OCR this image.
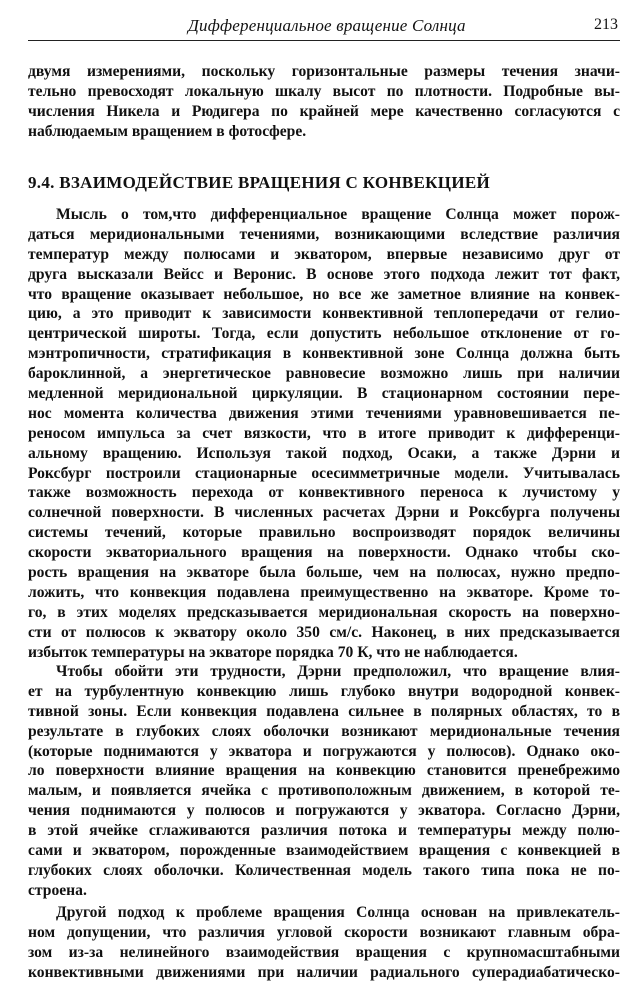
Дифференциальное вращение Солнца	213
двумя измерениями, поскольку горизонтальные размеры течения значи-
тельно превосходят локальную шкалу высот по плотности. Подробные вы-
числения Никела и Рюдигера по крайней мере качественно согласуются с
наблюдаемым вращением в фотосфере.
9.4. ВЗАИМОДЕЙСТВИЕ ВРАЩЕНИЯ С КОНВЕКЦИЕЙ
Мысль о том,что дифференциальное вращение Солнца может порож-
даться меридиональными течениями, возникающими вследствие различия
температур между полюсами и экватором, впервые независимо друг от
друга высказали Вейсс и Веронис. В основе этого подхода лежит тот факт,
что вращение оказывает небольшое, но все же заметное влияние на конвек-
цию, а это приводит к зависимости конвективной теплопередачи от гелио-
центрической широты. Тогда, если допустить небольшое отклонение от го-
мэнтропичности, стратификация в конвективной зоне Солнца должна быть
бароклинной, а энергетическое равновесие возможно лишь при наличии
медленной меридиональной циркуляции. В стационарном состоянии пере-
нос момента количества движения этими течениями уравновешивается пе-
реносом импульса за счет вязкости, что в итоге приводит к дифференци-
альному вращению. Используя такой подход, Осаки, а также Дэрни и
Роксбург построили стационарные осесимметричные модели. Учитывалась
также возможность перехода от конвективного переноса к лучистому у
солнечной поверхности. В численных расчетах Дэрни и Роксбурга получены
системы течений, которые правильно воспроизводят порядок величины
скорости экваториального вращения на поверхности. Однако чтобы ско-
рость вращения на экваторе была больше, чем на полюсах, нужно предпо-
ложить, что конвекция подавлена преимущественно на экваторе. Кроме то-
го, в этих моделях предсказывается меридиональная скорость на поверхно-
сти от полюсов к экватору около 350 см/с. Наконец, в них предсказывается
избыток температуры на экваторе порядка 70 К, что не наблюдается.
Чтобы обойти эти трудности, Дэрни предположил, что вращение влия-
ет на турбулентную конвекцию лишь глубоко внутри водородной конвек-
тивной зоны. Если конвекция подавлена сильнее в полярных областях, то в
результате в глубоких слоях оболочки возникают меридиональные течения
(которые поднимаются у экватора и погружаются у полюсов). Однако око-
ло поверхности влияние вращения на конвекцию становится пренебрежимо
малым, и появляется ячейка с противоположным движением, в которой те-
чения поднимаются у полюсов и погружаются у экватора. Согласно Дэрни,
в этой ячейке сглаживаются различия потока и температуры между полю-
сами и экватором, порожденные взаимодействием вращения с конвекцией в
глубоких слоях оболочки. Количественная модель такого типа пока не по-
строена.
Другой подход к проблеме вращения Солнца основан на привлекатель-
ном допущении, что различия угловой скорости возникают главным обра-
зом из-за нелинейного взаимодействия вращения с крупномасштабными
конвективными движениями при наличии радиального суперадиабатическо-
